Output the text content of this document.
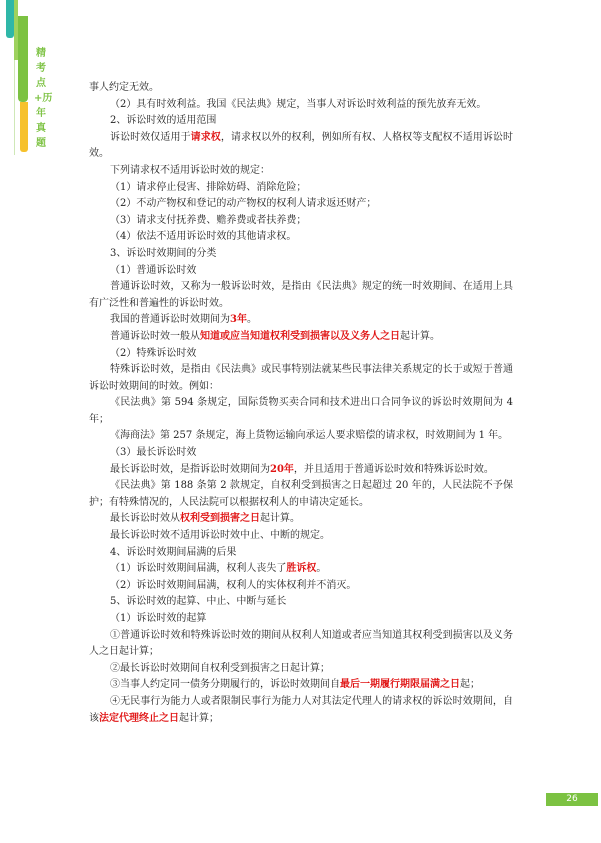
精考点+历年真题

事人约定无效。

（2）具有时效利益。我国《民法典》规定，当事人对诉讼时效利益的预先放弃无效。

2、诉讼时效的适用范围

诉讼时效仅适用于请求权，请求权以外的权利，例如所有权、人格权等支配权不适用诉讼时效。

下列请求权不适用诉讼时效的规定：

（1）请求停止侵害、排除妨碍、消除危险；

（2）不动产物权和登记的动产物权的权利人请求返还财产；

（3）请求支付抚养费、赡养费或者扶养费；

（4）依法不适用诉讼时效的其他请求权。

3、诉讼时效期间的分类

（1）普通诉讼时效

普通诉讼时效，又称为一般诉讼时效，是指由《民法典》规定的统一时效期间、在适用上具有广泛性和普遍性的诉讼时效。

我国的普通诉讼时效期间为3年。

普通诉讼时效一般从知道或应当知道权利受到损害以及义务人之日起计算。

（2）特殊诉讼时效

特殊诉讼时效，是指由《民法典》或民事特别法就某些民事法律关系规定的长于或短于普通诉讼时效期间的时效。例如：

《民法典》第 594 条规定，国际货物买卖合同和技术进出口合同争议的诉讼时效期间为 4 年；

《海商法》第 257 条规定，海上货物运输向承运人要求赔偿的请求权，时效期间为 1 年。

（3）最长诉讼时效

最长诉讼时效，是指诉讼时效期间为20年，并且适用于普通诉讼时效和特殊诉讼时效。

《民法典》第 188 条第 2 款规定，自权利受到损害之日起超过 20 年的，人民法院不予保护；有特殊情况的，人民法院可以根据权利人的申请决定延长。

最长诉讼时效从权利受到损害之日起计算。

最长诉讼时效不适用诉讼时效中止、中断的规定。

4、诉讼时效期间届满的后果

（1）诉讼时效期间届满，权利人丧失了胜诉权。

（2）诉讼时效期间届满，权利人的实体权利并不消灭。

5、诉讼时效的起算、中止、中断与延长

（1）诉讼时效的起算

①普通诉讼时效和特殊诉讼时效的期间从权利人知道或者应当知道其权利受到损害以及义务人之日起计算；

②最长诉讼时效期间自权利受到损害之日起计算；

③当事人约定同一债务分期履行的，诉讼时效期间自最后一期履行期限届满之日起；

④无民事行为能力人或者限制民事行为能力人对其法定代理人的请求权的诉讼时效期间，自该法定代理终止之日起计算；

26
